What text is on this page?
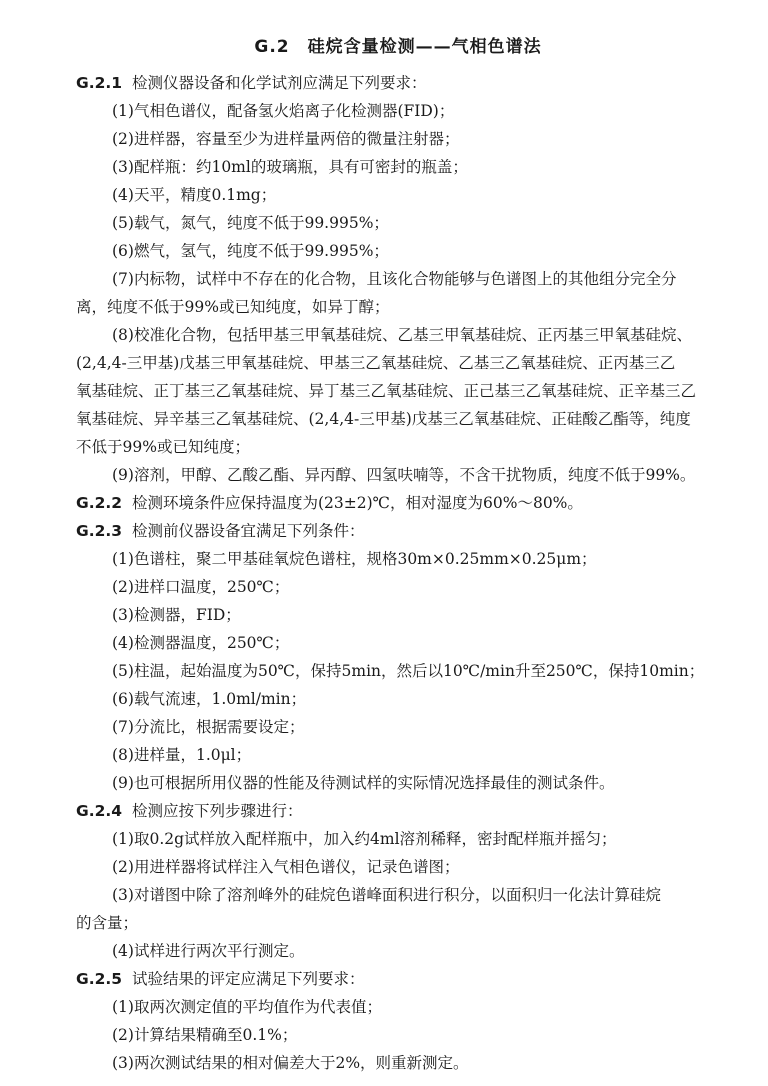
G.2　硅烷含量检测——气相色谱法

G.2.1 检测仪器设备和化学试剂应满足下列要求：

(1)气相色谱仪，配备氢火焰离子化检测器(FID)；

(2)进样器，容量至少为进样量两倍的微量注射器；

(3)配样瓶：约10ml的玻璃瓶，具有可密封的瓶盖；

(4)天平，精度0.1mg；

(5)载气，氮气，纯度不低于99.995%；

(6)燃气，氢气，纯度不低于99.995%；

(7)内标物，试样中不存在的化合物，且该化合物能够与色谱图上的其他组分完全分

离，纯度不低于99%或已知纯度，如异丁醇；

(8)校准化合物，包括甲基三甲氧基硅烷、乙基三甲氧基硅烷、正丙基三甲氧基硅烷、

(2,4,4-三甲基)戊基三甲氧基硅烷、甲基三乙氧基硅烷、乙基三乙氧基硅烷、正丙基三乙

氧基硅烷、正丁基三乙氧基硅烷、异丁基三乙氧基硅烷、正己基三乙氧基硅烷、正辛基三乙

氧基硅烷、异辛基三乙氧基硅烷、(2,4,4-三甲基)戊基三乙氧基硅烷、正硅酸乙酯等，纯度

不低于99%或已知纯度；

(9)溶剂，甲醇、乙酸乙酯、异丙醇、四氢呋喃等，不含干扰物质，纯度不低于99%。

G.2.2 检测环境条件应保持温度为(23±2)℃，相对湿度为60%～80%。

G.2.3 检测前仪器设备宜满足下列条件：

(1)色谱柱，聚二甲基硅氧烷色谱柱，规格30m×0.25mm×0.25μm；

(2)进样口温度，250℃；

(3)检测器，FID；

(4)检测器温度，250℃；

(5)柱温，起始温度为50℃，保持5min，然后以10℃/min升至250℃，保持10min；

(6)载气流速，1.0ml/min；

(7)分流比，根据需要设定；

(8)进样量，1.0μl；

(9)也可根据所用仪器的性能及待测试样的实际情况选择最佳的测试条件。

G.2.4 检测应按下列步骤进行：

(1)取0.2g试样放入配样瓶中，加入约4ml溶剂稀释，密封配样瓶并摇匀；

(2)用进样器将试样注入气相色谱仪，记录色谱图；

(3)对谱图中除了溶剂峰外的硅烷色谱峰面积进行积分，以面积归一化法计算硅烷

的含量；

(4)试样进行两次平行测定。

G.2.5 试验结果的评定应满足下列要求：

(1)取两次测定值的平均值作为代表值；

(2)计算结果精确至0.1%；

(3)两次测试结果的相对偏差大于2%，则重新测定。
